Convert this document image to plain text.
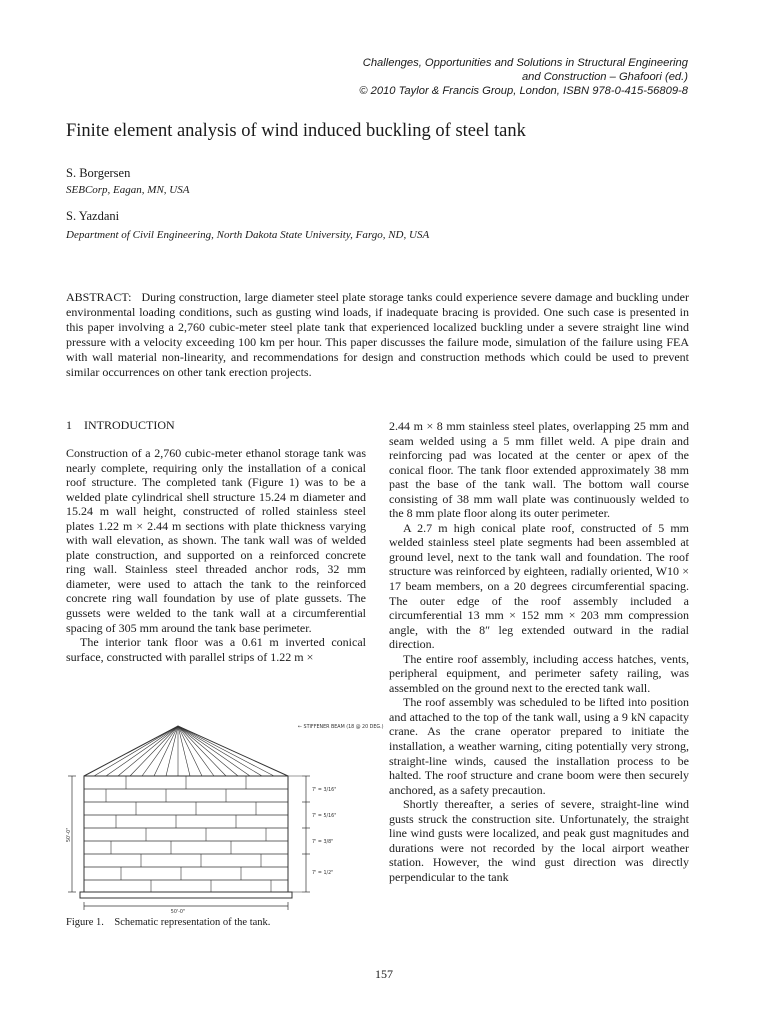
Challenges, Opportunities and Solutions in Structural Engineering
and Construction – Ghafoori (ed.)
© 2010 Taylor & Francis Group, London, ISBN 978-0-415-56809-8
Finite element analysis of wind induced buckling of steel tank
S. Borgersen
SEBCorp, Eagan, MN, USA
S. Yazdani
Department of Civil Engineering, North Dakota State University, Fargo, ND, USA

ABSTRACT:   During construction, large diameter steel plate storage tanks could experience severe damage and buckling under environmental loading conditions, such as gusting wind loads, if inadequate bracing is provided. One such case is presented in this paper involving a 2,760 cubic-meter steel plate tank that experienced localized buckling under a severe straight line wind pressure with a velocity exceeding 100 km per hour. This paper discusses the failure mode, simulation of the failure using FEA with wall material non-linearity, and recommendations for design and construction methods which could be used to prevent similar occurrences on other tank erection projects.

1 INTRODUCTION

Construction of a 2,760 cubic-meter ethanol storage tank was nearly complete, requiring only the installation of a conical roof structure. The completed tank (Figure 1) was to be a welded plate cylindrical shell structure 15.24 m diameter and 15.24 m wall height, constructed of rolled stainless steel plates 1.22 m × 2.44 m sections with plate thickness varying with wall elevation, as shown. The tank wall was of welded plate construction, and supported on a reinforced concrete ring wall. Stainless steel threaded anchor rods, 32 mm diameter, were used to attach the tank to the reinforced concrete ring wall foundation by use of plate gussets. The gussets were welded to the tank wall at a circumferential spacing of 305 mm around the tank base perimeter.

The interior tank floor was a 0.61 m inverted conical surface, constructed with parallel strips of 1.22 m ×

← STIFFENER BEAM (18 @ 20 DEG.)
7' = 3/16"
7' = 5/16"
7' = 3/8"
7' = 1/2"
50'-0"
50'-0"
Figure 1.    Schematic representation of the tank.

2.44 m × 8 mm stainless steel plates, overlapping 25 mm and seam welded using a 5 mm fillet weld. A pipe drain and reinforcing pad was located at the center or apex of the conical floor. The tank floor extended approximately 38 mm past the base of the tank wall. The bottom wall course consisting of 38 mm wall plate was continuously welded to the 8 mm plate floor along its outer perimeter.

A 2.7 m high conical plate roof, constructed of 5 mm welded stainless steel plate segments had been assembled at ground level, next to the tank wall and foundation. The roof structure was reinforced by eighteen, radially oriented, W10 × 17 beam members, on a 20 degrees circumferential spacing. The outer edge of the roof assembly included a circumferential 13 mm × 152 mm × 203 mm compression angle, with the 8″ leg extended outward in the radial direction.

The entire roof assembly, including access hatches, vents, peripheral equipment, and perimeter safety railing, was assembled on the ground next to the erected tank wall.

The roof assembly was scheduled to be lifted into position and attached to the top of the tank wall, using a 9 kN capacity crane. As the crane operator prepared to initiate the installation, a weather warning, citing potentially very strong, straight-line winds, caused the installation process to be halted. The roof structure and crane boom were then securely anchored, as a safety precaution.

Shortly thereafter, a series of severe, straight-line wind gusts struck the construction site. Unfortunately, the straight line wind gusts were localized, and peak gust magnitudes and durations were not recorded by the local airport weather station. However, the wind gust direction was directly perpendicular to the tank

157
